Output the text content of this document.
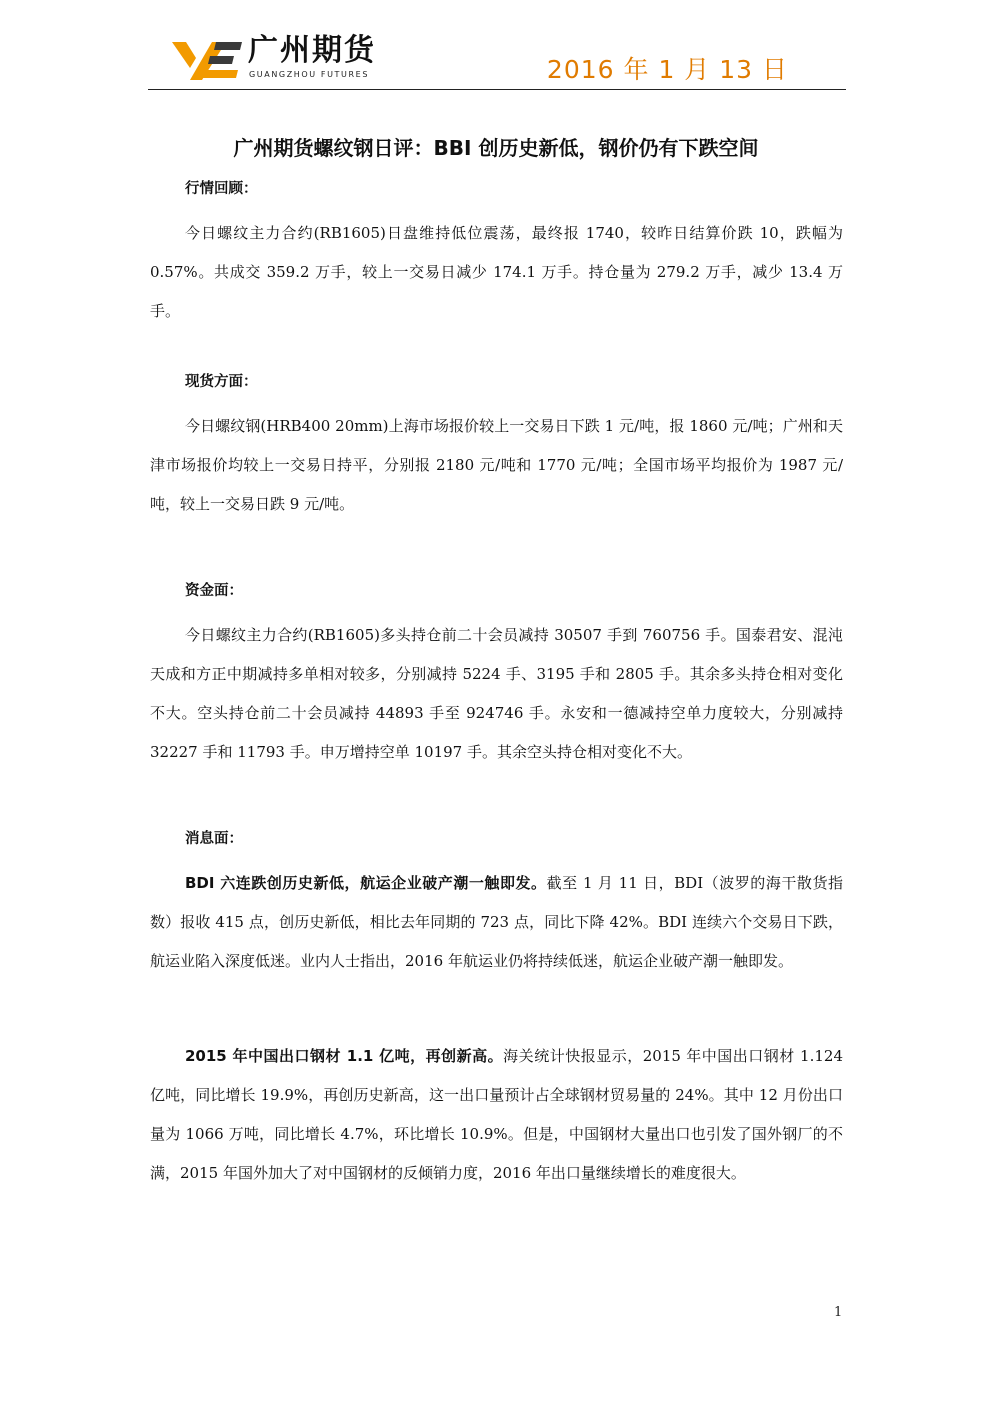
广州期货
GUANGZHOU FUTURES	2016 年 1 月 13 日
广州期货螺纹钢日评：BBI 创历史新低，钢价仍有下跌空间
行情回顾：

今日螺纹主力合约(RB1605)日盘维持低位震荡，最终报 1740，较昨日结算价跌 10，跌幅为 0.57%。共成交 359.2 万手，较上一交易日减少 174.1 万手。持仓量为 279.2 万手，减少 13.4 万手。

现货方面：

今日螺纹钢(HRB400 20mm)上海市场报价较上一交易日下跌 1 元/吨，报 1860 元/吨；广州和天津市场报价均较上一交易日持平，分别报 2180 元/吨和 1770 元/吨；全国市场平均报价为 1987 元/吨，较上一交易日跌 9 元/吨。

资金面：

今日螺纹主力合约(RB1605)多头持仓前二十会员减持 30507 手到 760756 手。国泰君安、混沌天成和方正中期减持多单相对较多，分别减持 5224 手、3195 手和 2805 手。其余多头持仓相对变化不大。空头持仓前二十会员减持 44893 手至 924746 手。永安和一德减持空单力度较大，分别减持 32227 手和 11793 手。申万增持空单 10197 手。其余空头持仓相对变化不大。

消息面：

BDI 六连跌创历史新低，航运企业破产潮一触即发。截至 1 月 11 日，BDI（波罗的海干散货指数）报收 415 点，创历史新低，相比去年同期的 723 点，同比下降 42%。BDI 连续六个交易日下跌，航运业陷入深度低迷。业内人士指出，2016 年航运业仍将持续低迷，航运企业破产潮一触即发。

2015 年中国出口钢材 1.1 亿吨，再创新高。海关统计快报显示，2015 年中国出口钢材 1.124 亿吨，同比增长 19.9%，再创历史新高，这一出口量预计占全球钢材贸易量的 24%。其中 12 月份出口量为 1066 万吨，同比增长 4.7%，环比增长 10.9%。但是，中国钢材大量出口也引发了国外钢厂的不满，2015 年国外加大了对中国钢材的反倾销力度，2016 年出口量继续增长的难度很大。

1
